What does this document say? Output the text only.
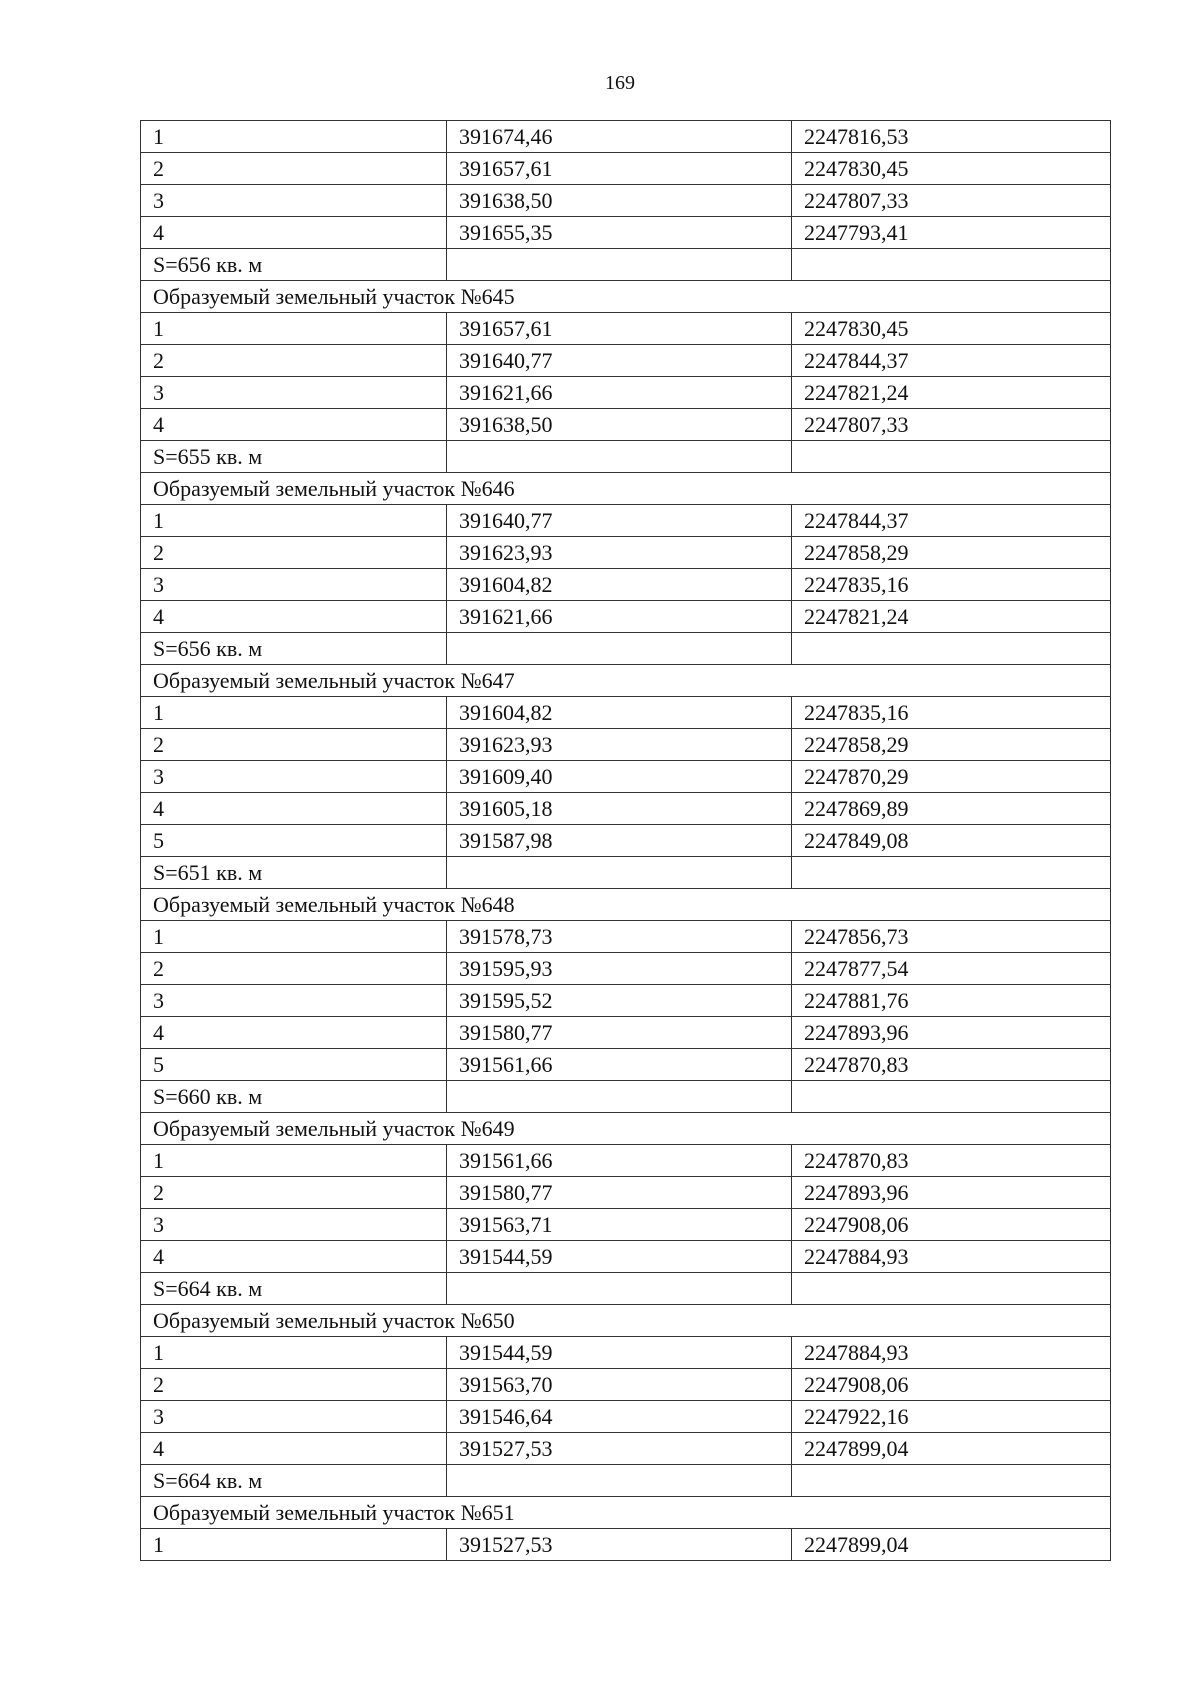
169
1	391674,46	2247816,53
2	391657,61	2247830,45
3	391638,50	2247807,33
4	391655,35	2247793,41
S=656 кв. м		
Образуемый земельный участок №645		
1	391657,61	2247830,45
2	391640,77	2247844,37
3	391621,66	2247821,24
4	391638,50	2247807,33
S=655 кв. м		
Образуемый земельный участок №646		
1	391640,77	2247844,37
2	391623,93	2247858,29
3	391604,82	2247835,16
4	391621,66	2247821,24
S=656 кв. м		
Образуемый земельный участок №647		
1	391604,82	2247835,16
2	391623,93	2247858,29
3	391609,40	2247870,29
4	391605,18	2247869,89
5	391587,98	2247849,08
S=651 кв. м		
Образуемый земельный участок №648		
1	391578,73	2247856,73
2	391595,93	2247877,54
3	391595,52	2247881,76
4	391580,77	2247893,96
5	391561,66	2247870,83
S=660 кв. м		
Образуемый земельный участок №649		
1	391561,66	2247870,83
2	391580,77	2247893,96
3	391563,71	2247908,06
4	391544,59	2247884,93
S=664 кв. м		
Образуемый земельный участок №650		
1	391544,59	2247884,93
2	391563,70	2247908,06
3	391546,64	2247922,16
4	391527,53	2247899,04
S=664 кв. м		
Образуемый земельный участок №651		
1	391527,53	2247899,04
